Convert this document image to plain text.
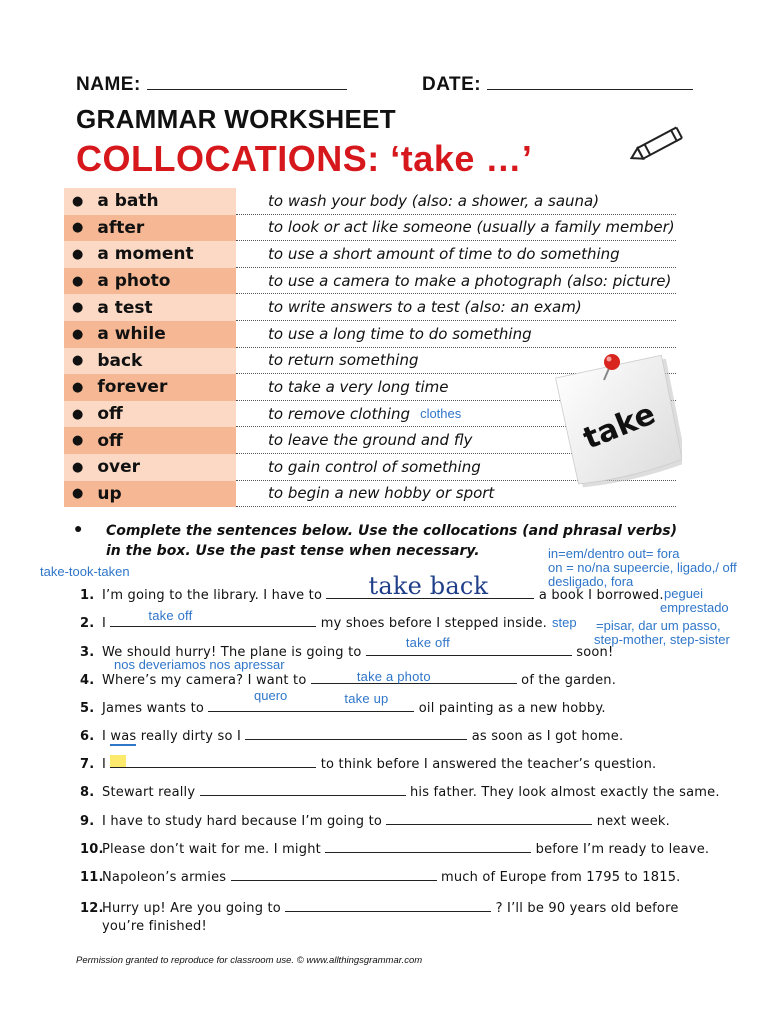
NAME:	DATE:
GRAMMAR WORKSHEET
COLLOCATIONS: ‘take …’
● a bath	to wash your body (also: a shower, a sauna)
● after	to look or act like someone (usually a family member)
● a moment	to use a short amount of time to do something
● a photo	to use a camera to make a photograph (also: picture)
● a test	to write answers to a test (also: an exam)
● a while	to use a long time to do something
● back	to return something
● forever	to take a very long time
● off	to remove clothing clothes
● off	to leave the ground and fly
● over	to gain control of something
● up	to begin a new hobby or sport
take
● Complete the sentences below. Use the collocations (and phrasal verbs) in the box. Use the past tense when necessary.	in=em/dentro out= fora
on = no/na supeercie, ligado,/ off
desligado, fora
take-took-taken
peguei
emprestado
step =pisar, dar um passo,
step-mother, step-sister
nos deveriamos nos apressar
quero
1. I’m going to the library. I have to take back	a book I borrowed.
2. I
take off
my shoes before I stepped inside.
3. We should hurry! The plane is going to
take off
soon!
4. Where’s my camera? I want to	take a photo	of the garden.
5. James wants to
take up
oil painting as a new hobby.
6. I was really dirty so I	as soon as I got home.
7. I	to think before I answered the teacher’s question.
8. Stewart really	his father. They look almost exactly the same.
9. I have to study hard because I’m going to	next week.
10.Please don’t wait for me. I might	before I’m ready to leave.
11.Napoleon’s armies	much of Europe from 1795 to 1815.
12.Hurry up! Are you going to	? I’ll be 90 years old before
you’re finished!
Permission granted to reproduce for classroom use. © www.allthingsgrammar.com
